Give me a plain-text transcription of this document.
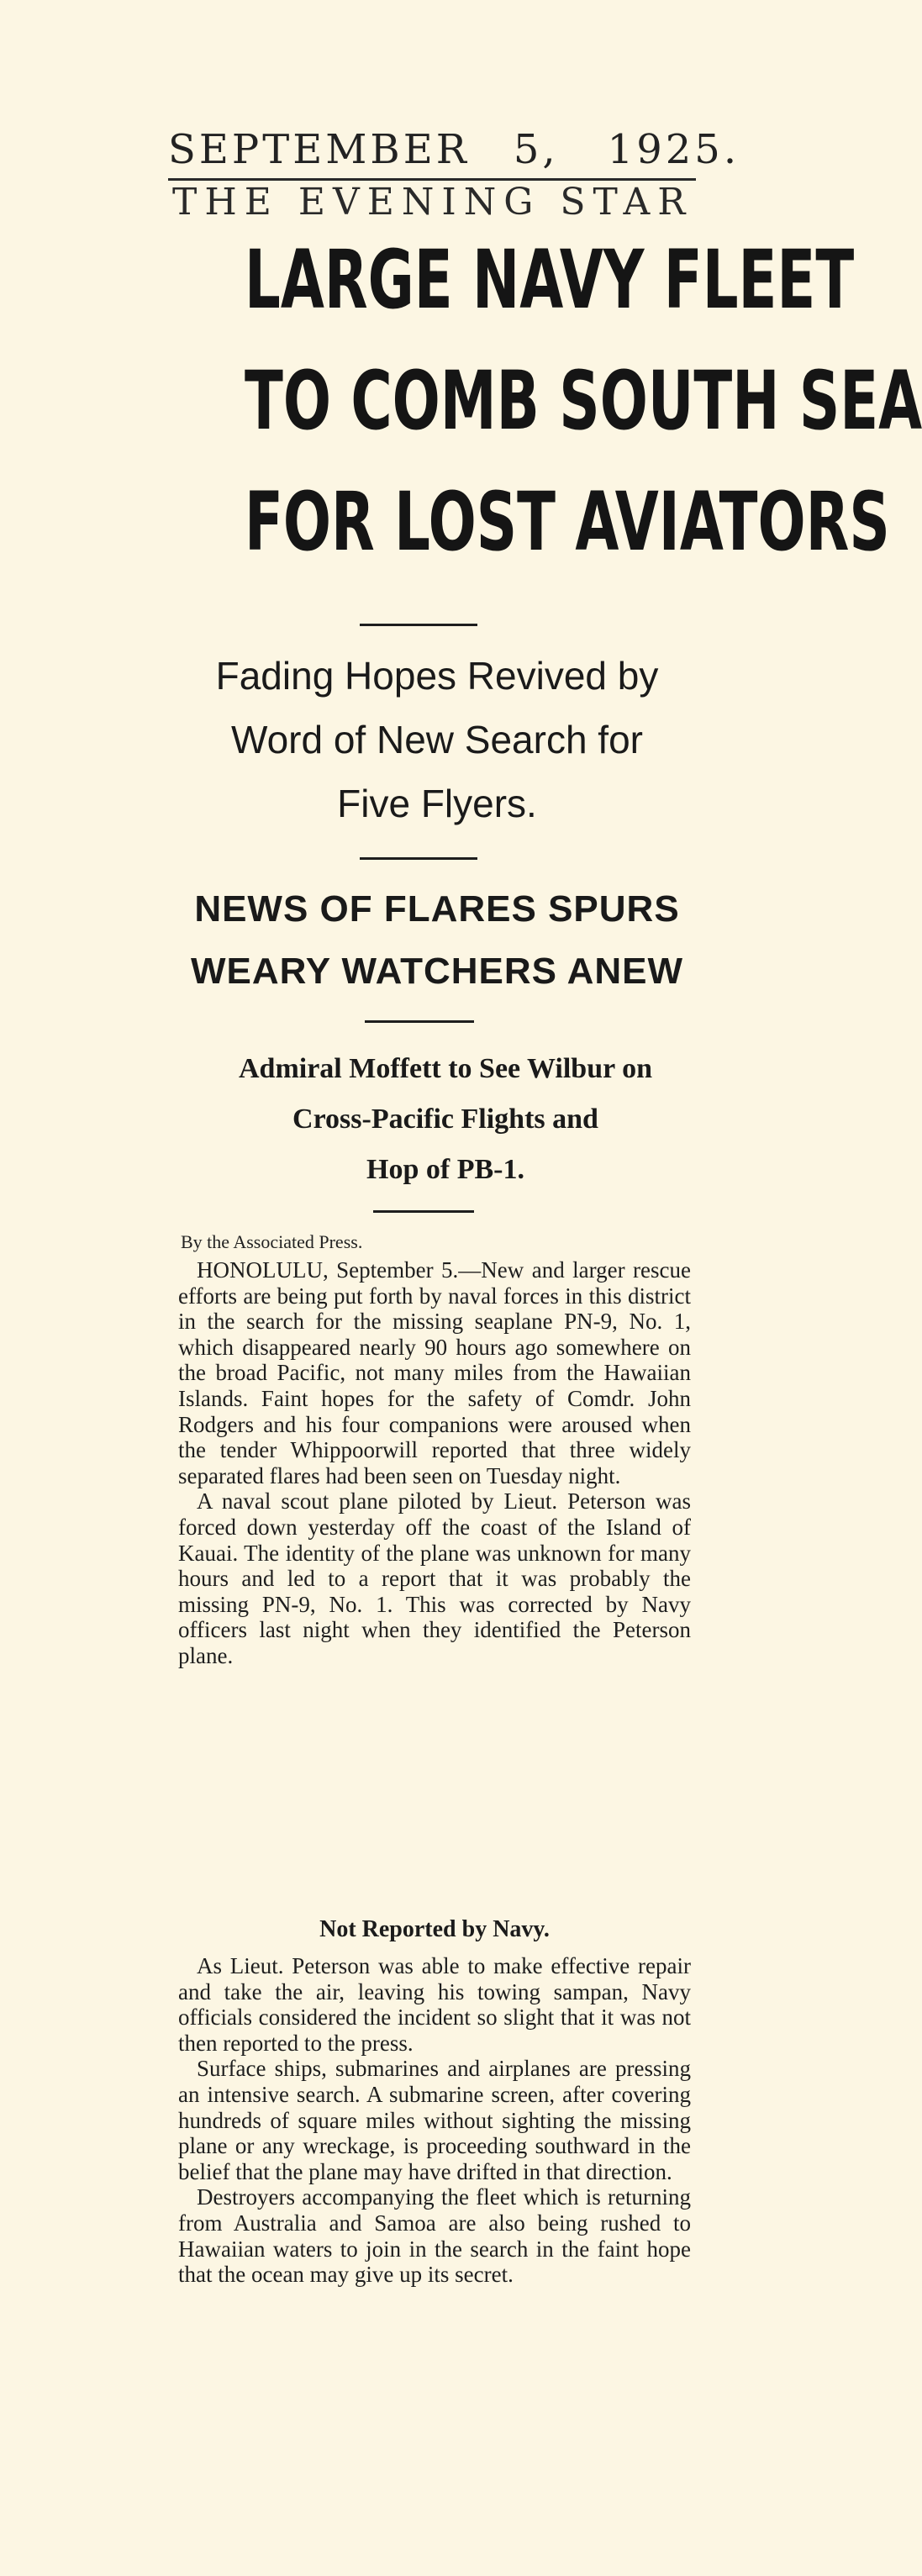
SEPTEMBER 5, 1925.
THE EVENING STAR
LARGE NAVY FLEET
TO COMB SOUTH SEA
FOR LOST AVIATORS
Fading Hopes Revived by
Word of New Search for
Five Flyers.
NEWS OF FLARES SPURS
WEARY WATCHERS ANEW
Admiral Moffett to See Wilbur on
Cross-Pacific Flights and
Hop of PB-1.
By the Associated Press.

HONOLULU, September 5.—New and larger rescue efforts are being put forth by naval forces in this district in the search for the missing seaplane PN-9, No. 1, which disappeared nearly 90 hours ago somewhere on the broad Pacific, not many miles from the Hawaiian Islands. Faint hopes for the safety of Comdr. John Rodgers and his four companions were aroused when the tender Whippoorwill reported that three widely separated flares had been seen on Tuesday night.

A naval scout plane piloted by Lieut. Peterson was forced down yesterday off the coast of the Island of Kauai. The identity of the plane was unknown for many hours and led to a report that it was probably the missing PN-9, No. 1. This was corrected by Navy officers last night when they identified the Peterson plane.

Not Reported by Navy.

As Lieut. Peterson was able to make effective repair and take the air, leaving his towing sampan, Navy officials considered the incident so slight that it was not then reported to the press.

Surface ships, submarines and airplanes are pressing an intensive search. A submarine screen, after covering hundreds of square miles without sighting the missing plane or any wreckage, is proceeding southward in the belief that the plane may have drifted in that direction.

Destroyers accompanying the fleet which is returning from Australia and Samoa are also being rushed to Hawaiian waters to join in the search in the faint hope that the ocean may give up its secret.
